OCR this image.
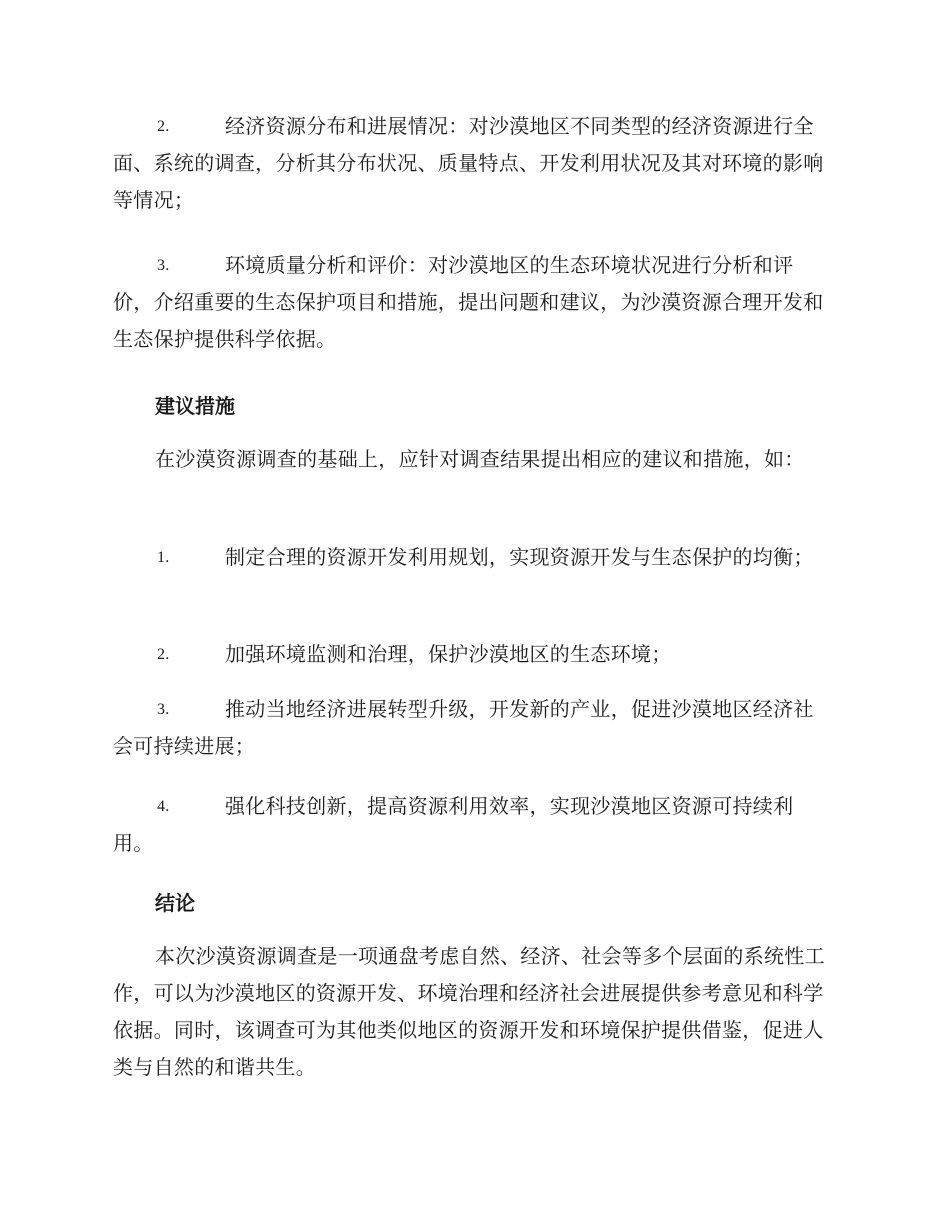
2.	经济资源分布和进展情况：对沙漠地区不同类型的经济资源进行全面、系统的调查，分析其分布状况、质量特点、开发利用状况及其对环境的影响等情况；
3.	环境质量分析和评价：对沙漠地区的生态环境状况进行分析和评价，介绍重要的生态保护项目和措施，提出问题和建议，为沙漠资源合理开发和生态保护提供科学依据。
建议措施

在沙漠资源调查的基础上，应针对调查结果提出相应的建议和措施，如：

1.	制定合理的资源开发利用规划，实现资源开发与生态保护的均衡；
2.	加强环境监测和治理，保护沙漠地区的生态环境；
3.	推动当地经济进展转型升级，开发新的产业，促进沙漠地区经济社会可持续进展；
4.	强化科技创新，提高资源利用效率，实现沙漠地区资源可持续利用。
结论

本次沙漠资源调查是一项通盘考虑自然、经济、社会等多个层面的系统性工作，可以为沙漠地区的资源开发、环境治理和经济社会进展提供参考意见和科学依据。同时，该调查可为其他类似地区的资源开发和环境保护提供借鉴，促进人类与自然的和谐共生。
